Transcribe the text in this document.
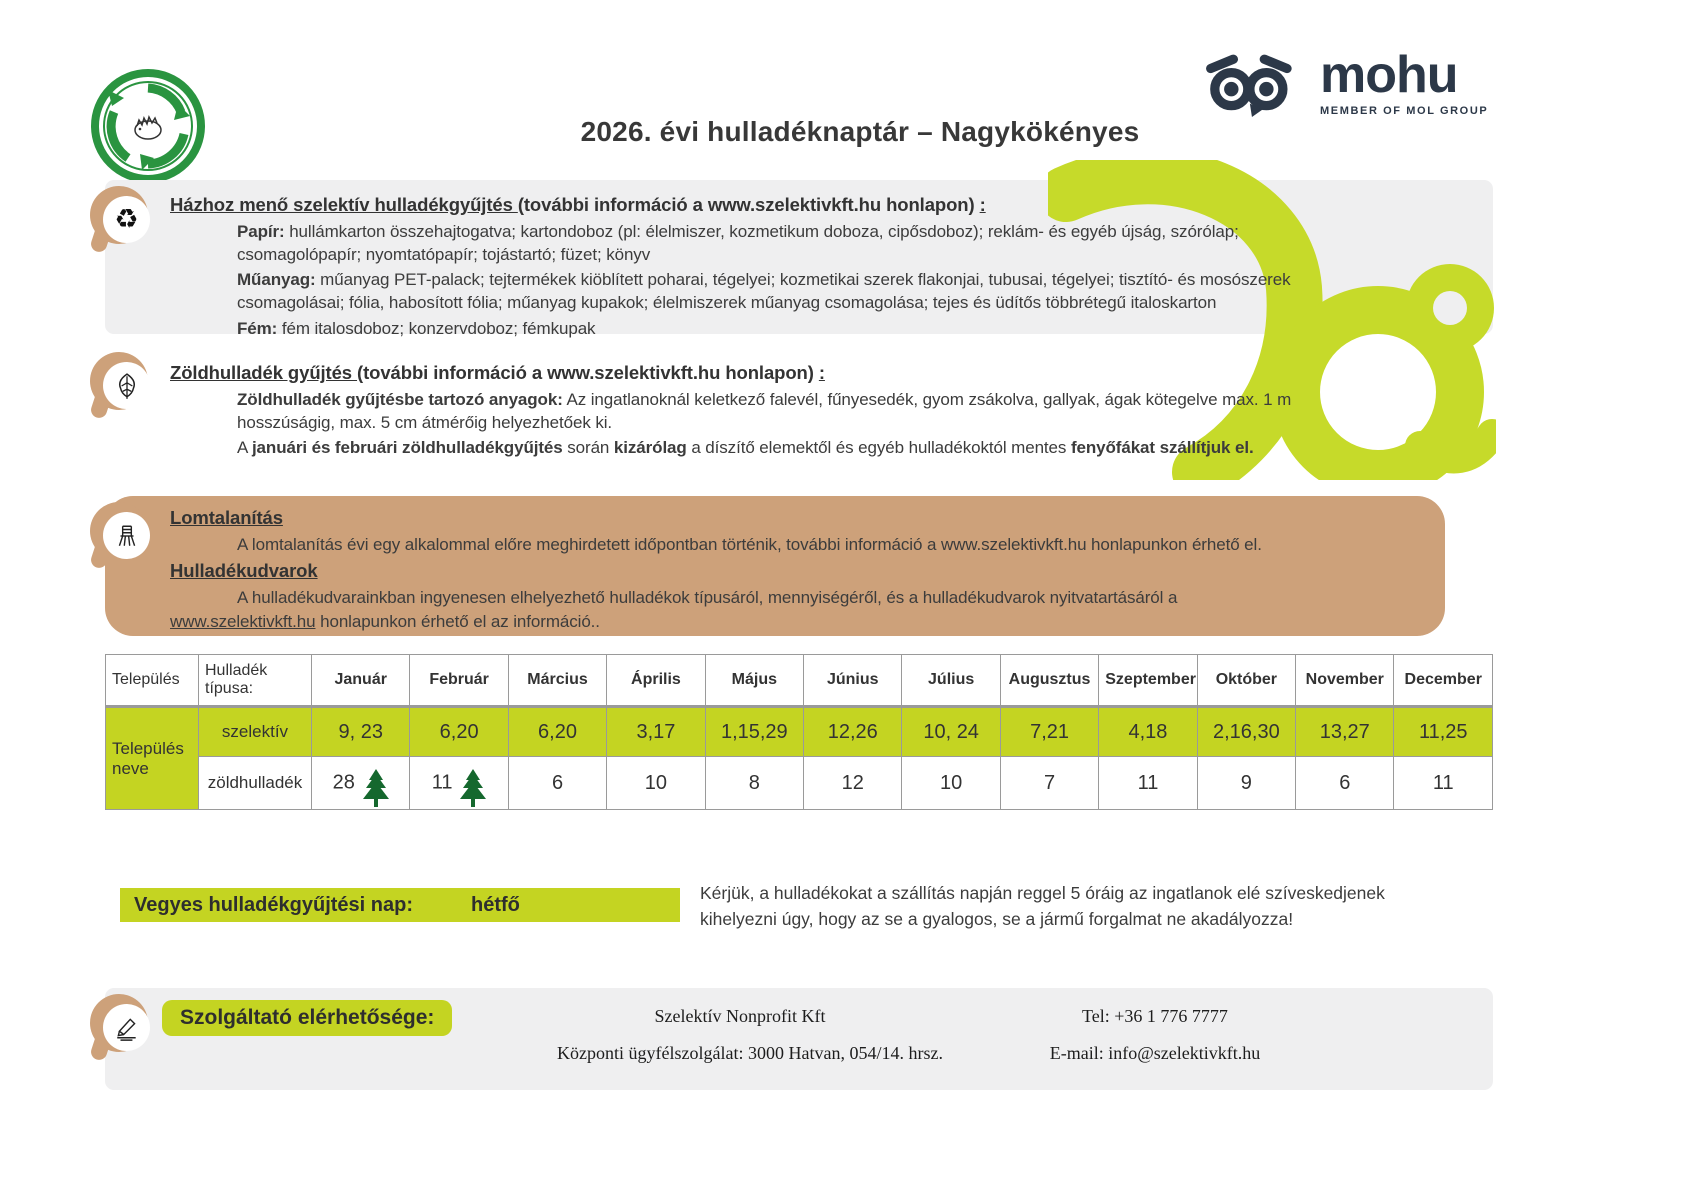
2026. évi hulladéknaptár – Nagykökényes
mohu
MEMBER OF MOL GROUP
♻ Házhoz menő szelektív hulladékgyűjtés (további információ a www.szelektivkft.hu honlapon) :

Papír: hullámkarton összehajtogatva; kartondoboz (pl: élelmiszer, kozmetikum doboza, cipősdoboz); reklám- és egyéb újság, szórólap;
csomagolópapír; nyomtatópapír; tojástartó; füzet; könyv

Műanyag: műanyag PET-palack; tejtermékek kiöblített poharai, tégelyei; kozmetikai szerek flakonjai, tubusai, tégelyei; tisztító- és mosószerek
csomagolásai; fólia, habosított fólia; műanyag kupakok; élelmiszerek műanyag csomagolása; tejes és üdítős többrétegű italoskarton

Fém: fém italosdoboz; konzervdoboz; fémkupak

Zöldhulladék gyűjtés (további információ a www.szelektivkft.hu honlapon) :

Zöldhulladék gyűjtésbe tartozó anyagok: Az ingatlanoknál keletkező falevél, fűnyesedék, gyom zsákolva, gallyak, ágak kötegelve max. 1 m
hosszúságig, max. 5 cm átmérőig helyezhetőek ki.

A januári és februári zöldhulladékgyűjtés során kizárólag a díszítő elemektől és egyéb hulladékoktól mentes fenyőfákat szállítjuk el.

Lomtalanítás

A lomtalanítás évi egy alkalommal előre meghirdetett időpontban történik, további információ a www.szelektivkft.hu honlapunkon érhető el.

Hulladékudvarok

A hulladékudvarainkban ingyenesen elhelyezhető hulladékok típusáról, mennyiségéről, és a hulladékudvarok nyitvatartásáról a
www.szelektivkft.hu honlapunkon érhető el az információ..

Település	Hulladék típusa:	Január	Február	Március	Április	Május	Június	Július	Augusztus	Szeptember	Október	November	December
Település neve	szelektív	9, 23	6,20	6,20	3,17	1,15,29	12,26	10, 24	7,21	4,18	2,16,30	13,27	11,25
	zöldhulladék	28	11	6	10	8	12	10	7	11	9	6	11
Vegyes hulladékgyűjtési nap:	hétfő
Kérjük, a hulladékokat a szállítás napján reggel 5 óráig az ingatlanok elé szíveskedjenek
kihelyezni úgy, hogy az se a gyalogos, se a jármű forgalmat ne akadályozza!
Szolgáltató elérhetősége:	Szelektív Nonprofit Kft	Tel: +36 1 776 7777
Központi ügyfélszolgálat: 3000 Hatvan, 054/14. hrsz.	E-mail: info@szelektivkft.hu
